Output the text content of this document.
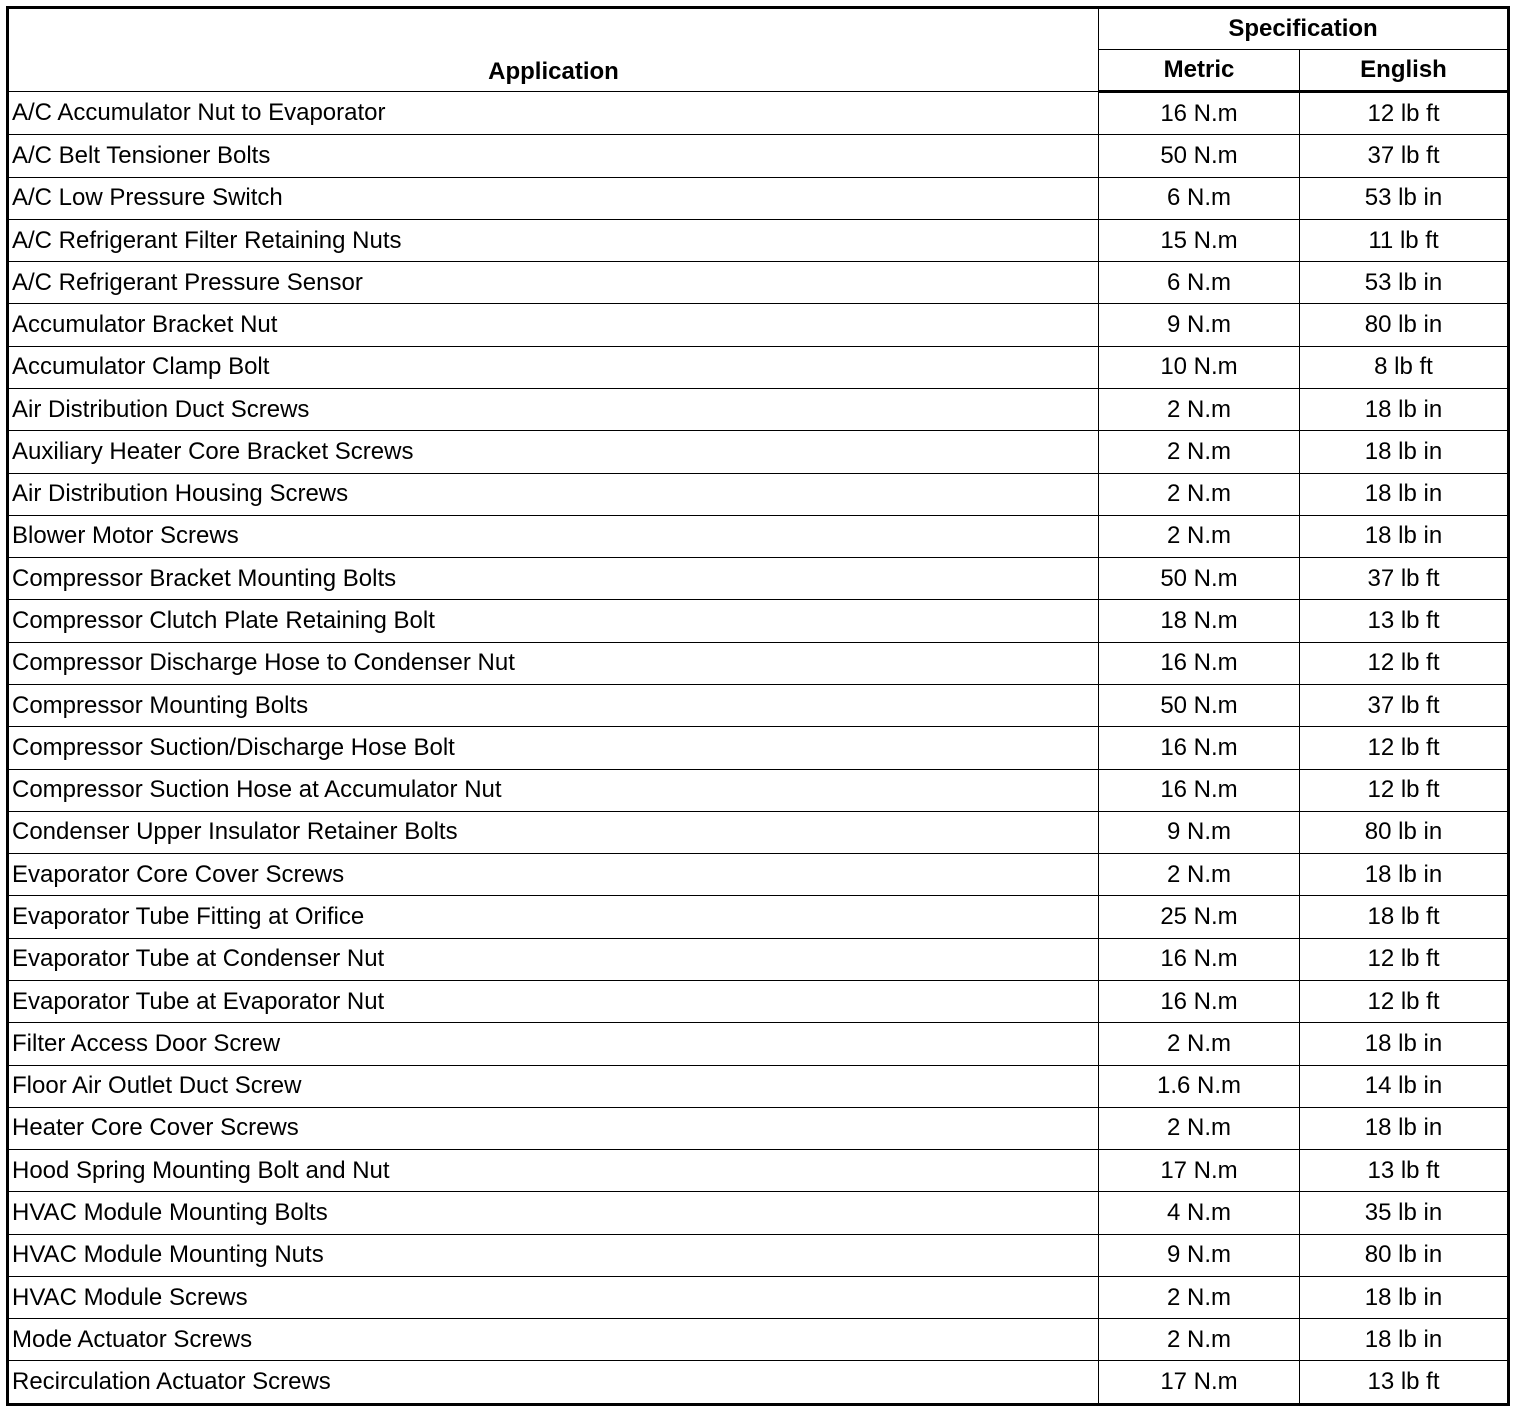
Application	Specification	
	Metric	English
A/C Accumulator Nut to Evaporator	16 N.m	12 lb ft
A/C Belt Tensioner Bolts	50 N.m	37 lb ft
A/C Low Pressure Switch	6 N.m	53 lb in
A/C Refrigerant Filter Retaining Nuts	15 N.m	11 lb ft
A/C Refrigerant Pressure Sensor	6 N.m	53 lb in
Accumulator Bracket Nut	9 N.m	80 lb in
Accumulator Clamp Bolt	10 N.m	8 lb ft
Air Distribution Duct Screws	2 N.m	18 lb in
Auxiliary Heater Core Bracket Screws	2 N.m	18 lb in
Air Distribution Housing Screws	2 N.m	18 lb in
Blower Motor Screws	2 N.m	18 lb in
Compressor Bracket Mounting Bolts	50 N.m	37 lb ft
Compressor Clutch Plate Retaining Bolt	18 N.m	13 lb ft
Compressor Discharge Hose to Condenser Nut	16 N.m	12 lb ft
Compressor Mounting Bolts	50 N.m	37 lb ft
Compressor Suction/Discharge Hose Bolt	16 N.m	12 lb ft
Compressor Suction Hose at Accumulator Nut	16 N.m	12 lb ft
Condenser Upper Insulator Retainer Bolts	9 N.m	80 lb in
Evaporator Core Cover Screws	2 N.m	18 lb in
Evaporator Tube Fitting at Orifice	25 N.m	18 lb ft
Evaporator Tube at Condenser Nut	16 N.m	12 lb ft
Evaporator Tube at Evaporator Nut	16 N.m	12 lb ft
Filter Access Door Screw	2 N.m	18 lb in
Floor Air Outlet Duct Screw	1.6 N.m	14 lb in
Heater Core Cover Screws	2 N.m	18 lb in
Hood Spring Mounting Bolt and Nut	17 N.m	13 lb ft
HVAC Module Mounting Bolts	4 N.m	35 lb in
HVAC Module Mounting Nuts	9 N.m	80 lb in
HVAC Module Screws	2 N.m	18 lb in
Mode Actuator Screws	2 N.m	18 lb in
Recirculation Actuator Screws	17 N.m	13 lb ft
